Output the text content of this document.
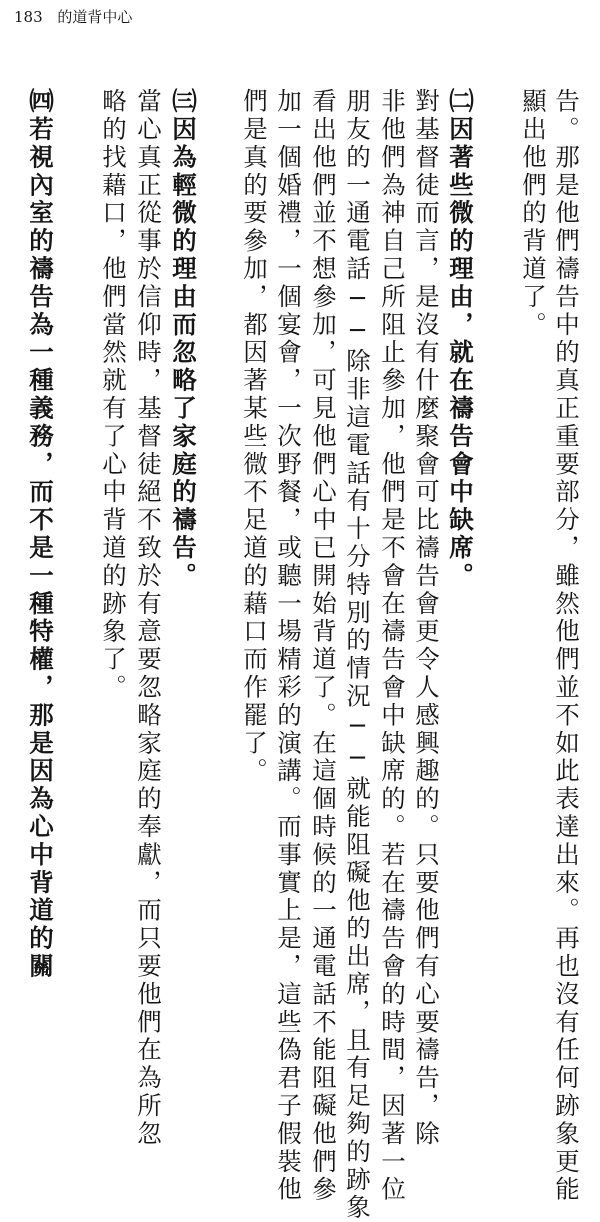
183 的道背中心
告。那是他們禱告中的真正重要部分，雖然他們並不如此表達出來。再也沒有任何跡象更能
顯出他們的背道了。
㈡因著些微的理由，就在禱告會中缺席。
對基督徒而言，是沒有什麼聚會可比禱告會更令人感興趣的。只要他們有心要禱告，除
非他們為神自己所阻止參加，他們是不會在禱告會中缺席的。若在禱告會的時間，因著一位
朋友的一通電話──除非這電話有十分特別的情況──就能阻礙他的出席，且有足夠的跡象
看出他們並不想參加，可見他們心中已開始背道了。在這個時候的一通電話不能阻礙他們參
加一個婚禮，一個宴會，一次野餐，或聽一場精彩的演講。而事實上是，這些偽君子假裝他
們是真的要參加，都因著某些微不足道的藉口而作罷了。
㈢因為輕微的理由而忽略了家庭的禱告。
當心真正從事於信仰時，基督徒絕不致於有意要忽略家庭的奉獻，而只要他們在為所忽
略的找藉口，他們當然就有了心中背道的跡象了。
㈣若視內室的禱告為一種義務，而不是一種特權，那是因為心中背道的關
